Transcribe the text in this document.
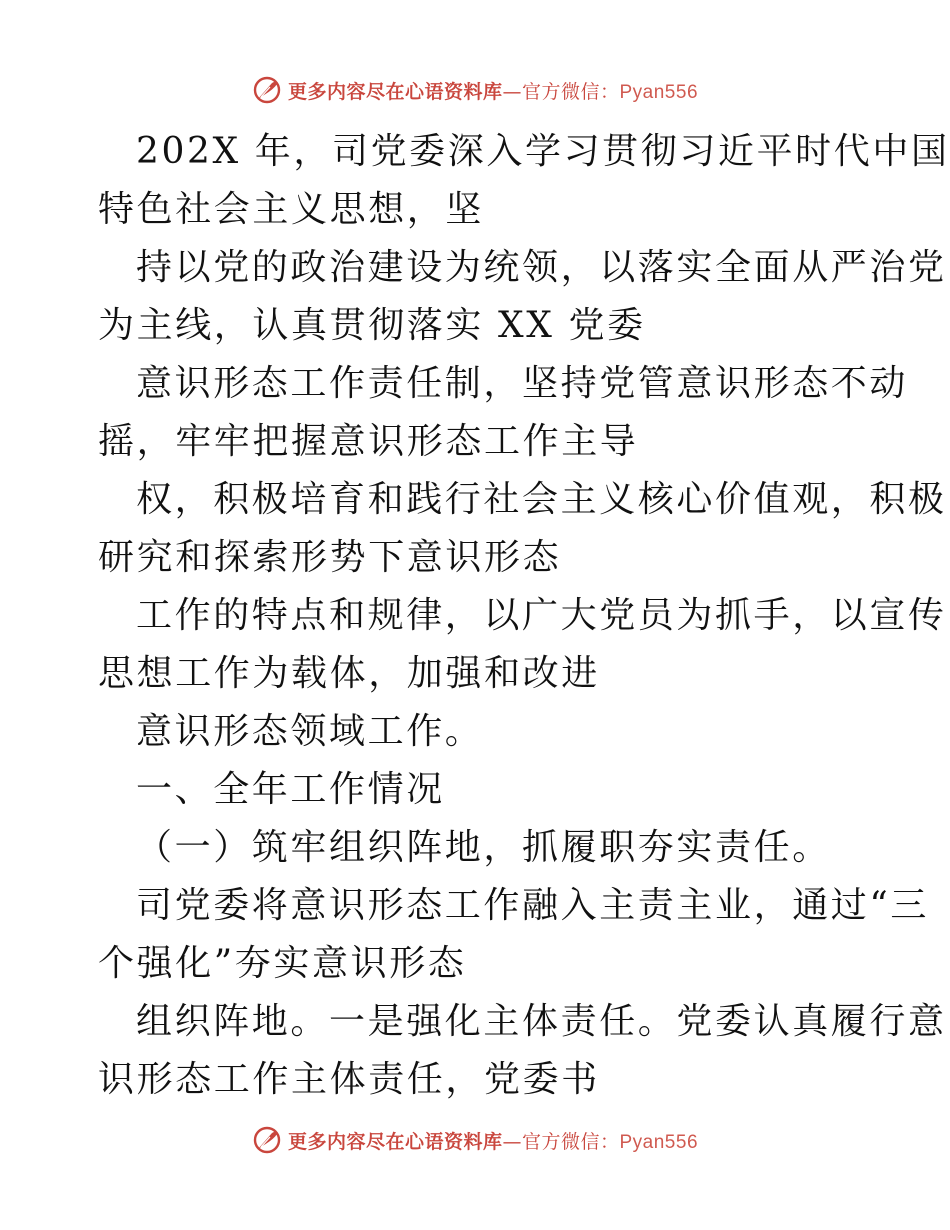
更多内容尽在心语资料库—官方微信：Pyan556
202X 年，司党委深入学习贯彻习近平时代中国
特色社会主义思想，坚
持以党的政治建设为统领，以落实全面从严治党
为主线，认真贯彻落实 XX 党委
意识形态工作责任制，坚持党管意识形态不动
摇，牢牢把握意识形态工作主导
权，积极培育和践行社会主义核心价值观，积极
研究和探索形势下意识形态
工作的特点和规律，以广大党员为抓手，以宣传
思想工作为载体，加强和改进
意识形态领域工作。
一、全年工作情况
（一）筑牢组织阵地，抓履职夯实责任。
司党委将意识形态工作融入主责主业，通过“三
个强化”夯实意识形态
组织阵地。一是强化主体责任。党委认真履行意
识形态工作主体责任，党委书
更多内容尽在心语资料库—官方微信：Pyan556
